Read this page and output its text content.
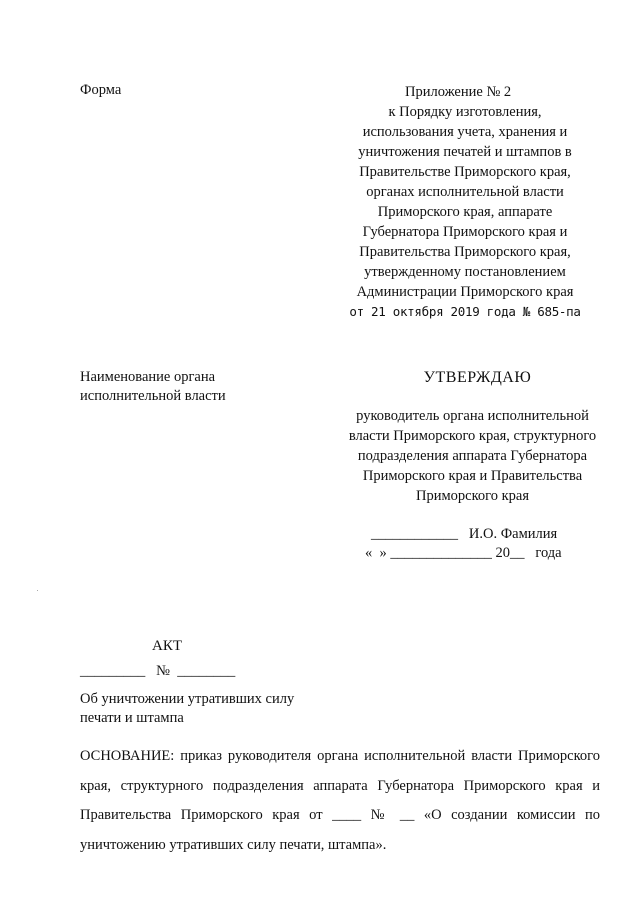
Форма	Приложение № 2
к Порядку изготовления,
использования учета, хранения и
уничтожения печатей и штампов в
Правительстве Приморского края,
органах исполнительной власти
Приморского края, аппарате
Губернатора Приморского края и
Правительства Приморского края,
утвержденному постановлением
Администрации Приморского края
от 21 октября 2019 года № 685-па
Наименование органа
исполнительной власти
УТВЕРЖДАЮ
руководитель органа исполнительной
власти Приморского края, структурного
подразделения аппарата Губернатора
Приморского края и Правительства
Приморского края
____________   И.О. Фамилия
«  » ______________ 20__   года
АКТ
_________   №  ________
Об уничтожении утративших силу
печати и штампа
ОСНОВАНИЕ: приказ руководителя органа исполнительной власти Приморского края, структурного подразделения аппарата Губернатора Приморского края и Правительства Приморского края от ____ № __ «О создании комиссии по уничтожению утративших силу печати, штампа».
